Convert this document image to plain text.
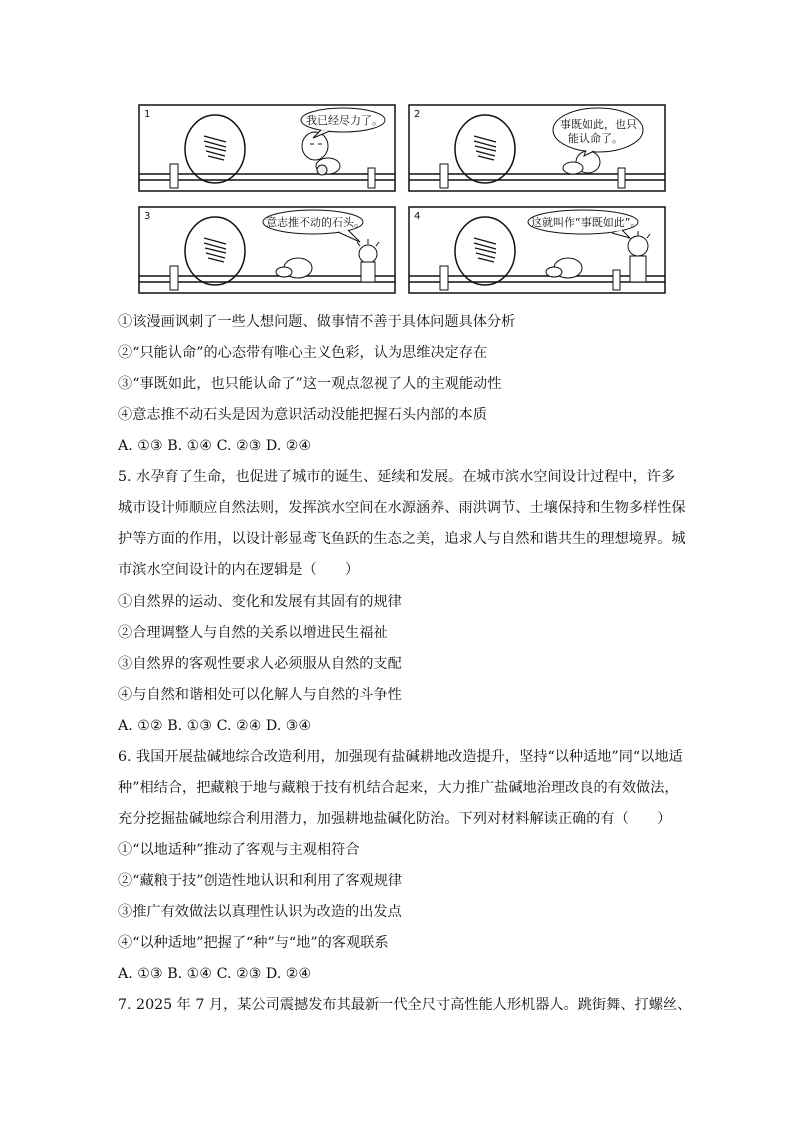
1	我已经尽力了。	2
事既如此，也只
能认命了。
3	意志推不动的石头。	4	这就叫作“事既如此”。
①该漫画讽刺了一些人想问题、做事情不善于具体问题具体分析
②“只能认命”的心态带有唯心主义色彩，认为思维决定存在
③“事既如此，也只能认命了”这一观点忽视了人的主观能动性
④意志推不动石头是因为意识活动没能把握石头内部的本质
A. ①③ B. ①④ C. ②③ D. ②④
5. 水孕育了生命，也促进了城市的诞生、延续和发展。在城市滨水空间设计过程中，许多
城市设计师顺应自然法则，发挥滨水空间在水源涵养、雨洪调节、土壤保持和生物多样性保
护等方面的作用，以设计彰显鸢飞鱼跃的生态之美，追求人与自然和谐共生的理想境界。城
市滨水空间设计的内在逻辑是（　　）
①自然界的运动、变化和发展有其固有的规律
②合理调整人与自然的关系以增进民生福祉
③自然界的客观性要求人必须服从自然的支配
④与自然和谐相处可以化解人与自然的斗争性
A. ①② B. ①③ C. ②④ D. ③④
6. 我国开展盐碱地综合改造利用，加强现有盐碱耕地改造提升，坚持“以种适地”同“以地适
种”相结合，把藏粮于地与藏粮于技有机结合起来，大力推广盐碱地治理改良的有效做法，
充分挖掘盐碱地综合利用潜力，加强耕地盐碱化防治。下列对材料解读正确的有（　　）
①“以地适种”推动了客观与主观相符合
②“藏粮于技”创造性地认识和利用了客观规律
③推广有效做法以真理性认识为改造的出发点
④“以种适地”把握了“种”与“地”的客观联系
A. ①③ B. ①④ C. ②③ D. ②④
7. 2025 年 7 月，某公司震撼发布其最新一代全尺寸高性能人形机器人。跳街舞、打螺丝、
